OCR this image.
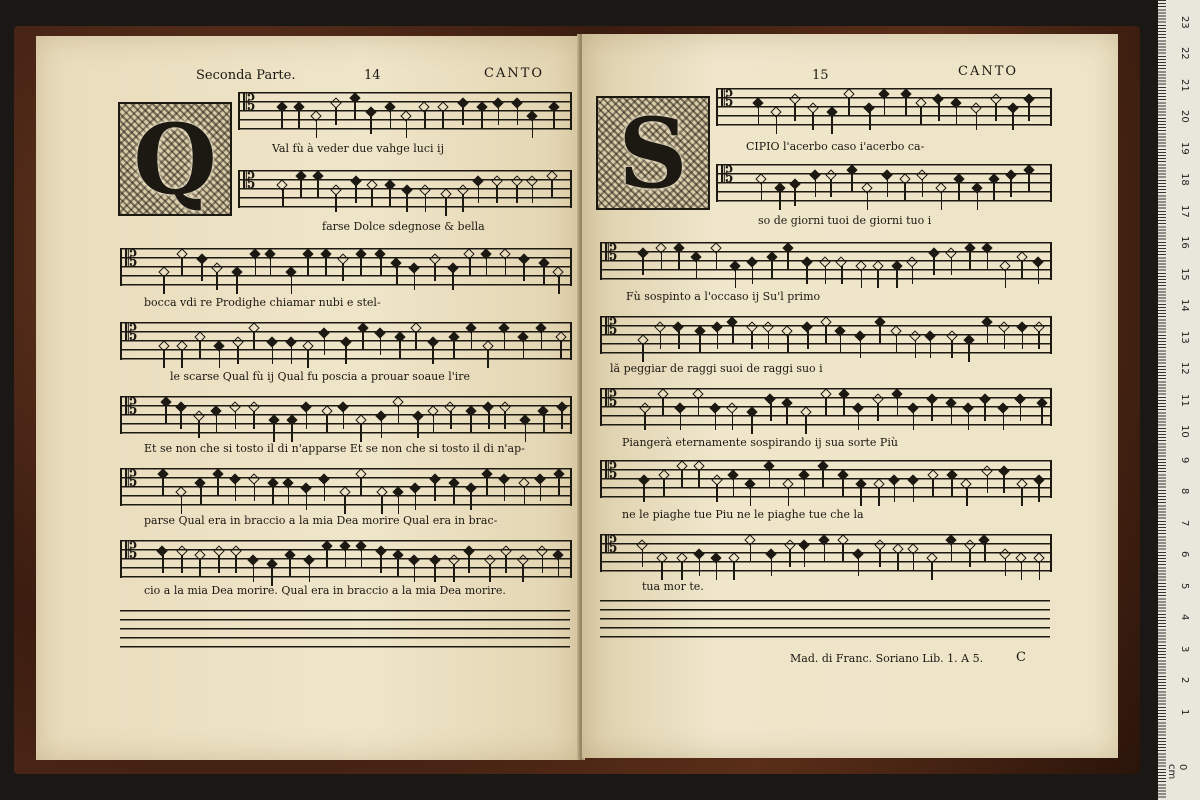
Seconda Parte.	14	CANTO
Q 𝄡
Val fù à veder due vahge luci ij
𝄡
farse Dolce sdegnose & bella
𝄡
bocca vdi re Prodighe chiamar nubi e stel-
𝄡
le scarse Qual fù ij Qual fu poscia a prouar soaue l'ire
𝄡
Et se non che si tosto il di n'apparse Et se non che si tosto il di n'ap-
𝄡
parse Qual era in braccio a la mia Dea morire Qual era in brac-
𝄡
cio a la mia Dea morire. Qual era in braccio a la mia Dea morire.
15	CANTO
S 𝄡
CIPIO l'acerbo caso i'acerbo ca-
𝄡
so de giorni tuoi de giorni tuo i
𝄡
Fù sospinto a l'occaso ij Su'l primo
𝄡
lă peggiar de raggi suoi de raggi suo i
𝄡
Piangerà eternamente sospirando ij sua sorte Più
𝄡
ne le piaghe tue Piu ne le piaghe tue che la
𝄡
tua mor te.
Mad. di Franc. Soriano Lib. 1. A 5.	C
1
2
3
4
5
6
7
8
9
10
11
12
13
14
15
16
17
18
19
20
21
22
23
0 cm
